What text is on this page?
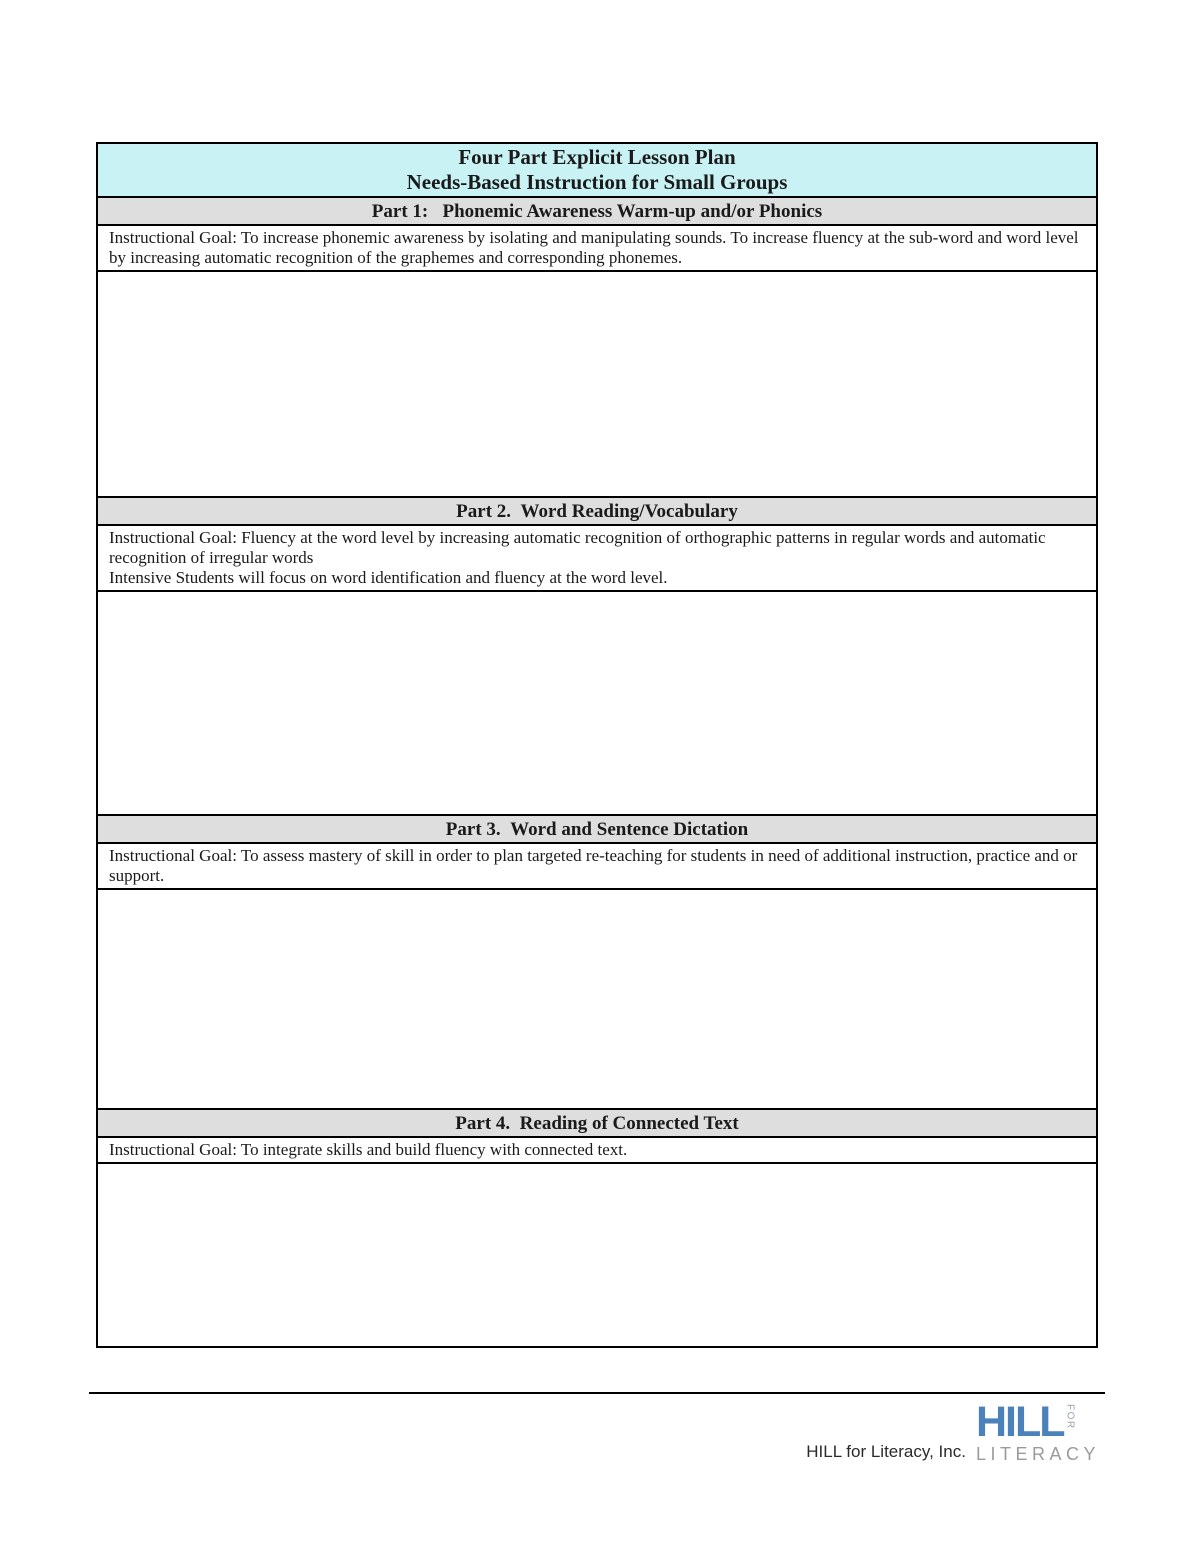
Four Part Explicit Lesson Plan
Needs-Based Instruction for Small Groups
Part 1:   Phonemic Awareness Warm-up and/or Phonics
Instructional Goal: To increase phonemic awareness by isolating and manipulating sounds. To increase fluency at the sub-word and word level by increasing automatic recognition of the graphemes and corresponding phonemes.
Part 2.  Word Reading/Vocabulary
Instructional Goal: Fluency at the word level by increasing automatic recognition of orthographic patterns in regular words and automatic recognition of irregular words
Intensive Students will focus on word identification and fluency at the word level.
Part 3.  Word and Sentence Dictation
Instructional Goal: To assess mastery of skill in order to plan targeted re-teaching for students in need of additional instruction, practice and or support.
Part 4.  Reading of Connected Text
Instructional Goal: To integrate skills and build fluency with connected text.
HILL for Literacy, Inc.
HILL FOR
LITERACY
